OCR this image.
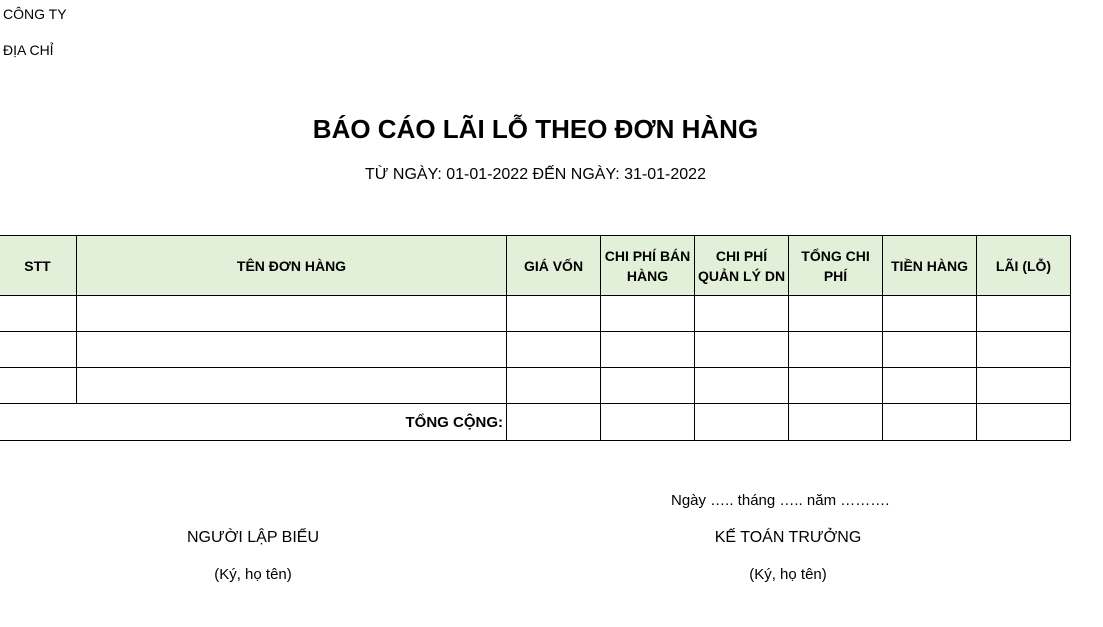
CÔNG TY
ĐỊA CHỈ
BÁO CÁO LÃI LỖ THEO ĐƠN HÀNG
TỪ NGÀY: 01-01-2022 ĐẾN NGÀY: 31-01-2022
STT	TÊN ĐƠN HÀNG	GIÁ VỐN	CHI PHÍ BÁN HÀNG	CHI PHÍ QUẢN LÝ DN	TỔNG CHI PHÍ	TIỀN HÀNG	LÃI (LỖ)

TỔNG CỘNG:							
Ngày ….. tháng ….. năm ……….
NGƯỜI LẬP BIỂU
(Ký, họ tên)
KẾ TOÁN TRƯỞNG
(Ký, họ tên)
